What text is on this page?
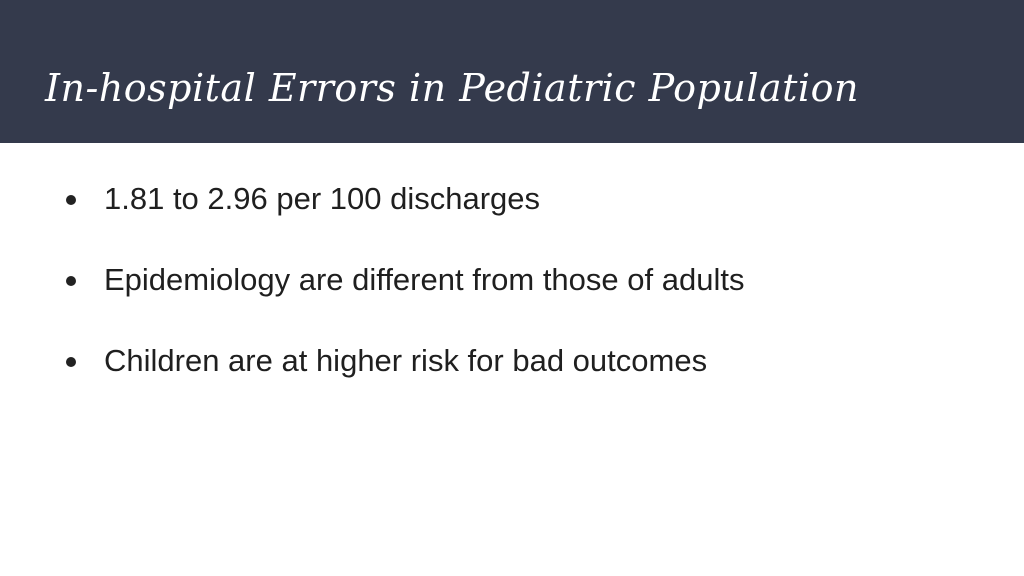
In-hospital Errors in Pediatric Population
1.81 to 2.96 per 100 discharges
Epidemiology are different from those of adults
Children are at higher risk for bad outcomes
